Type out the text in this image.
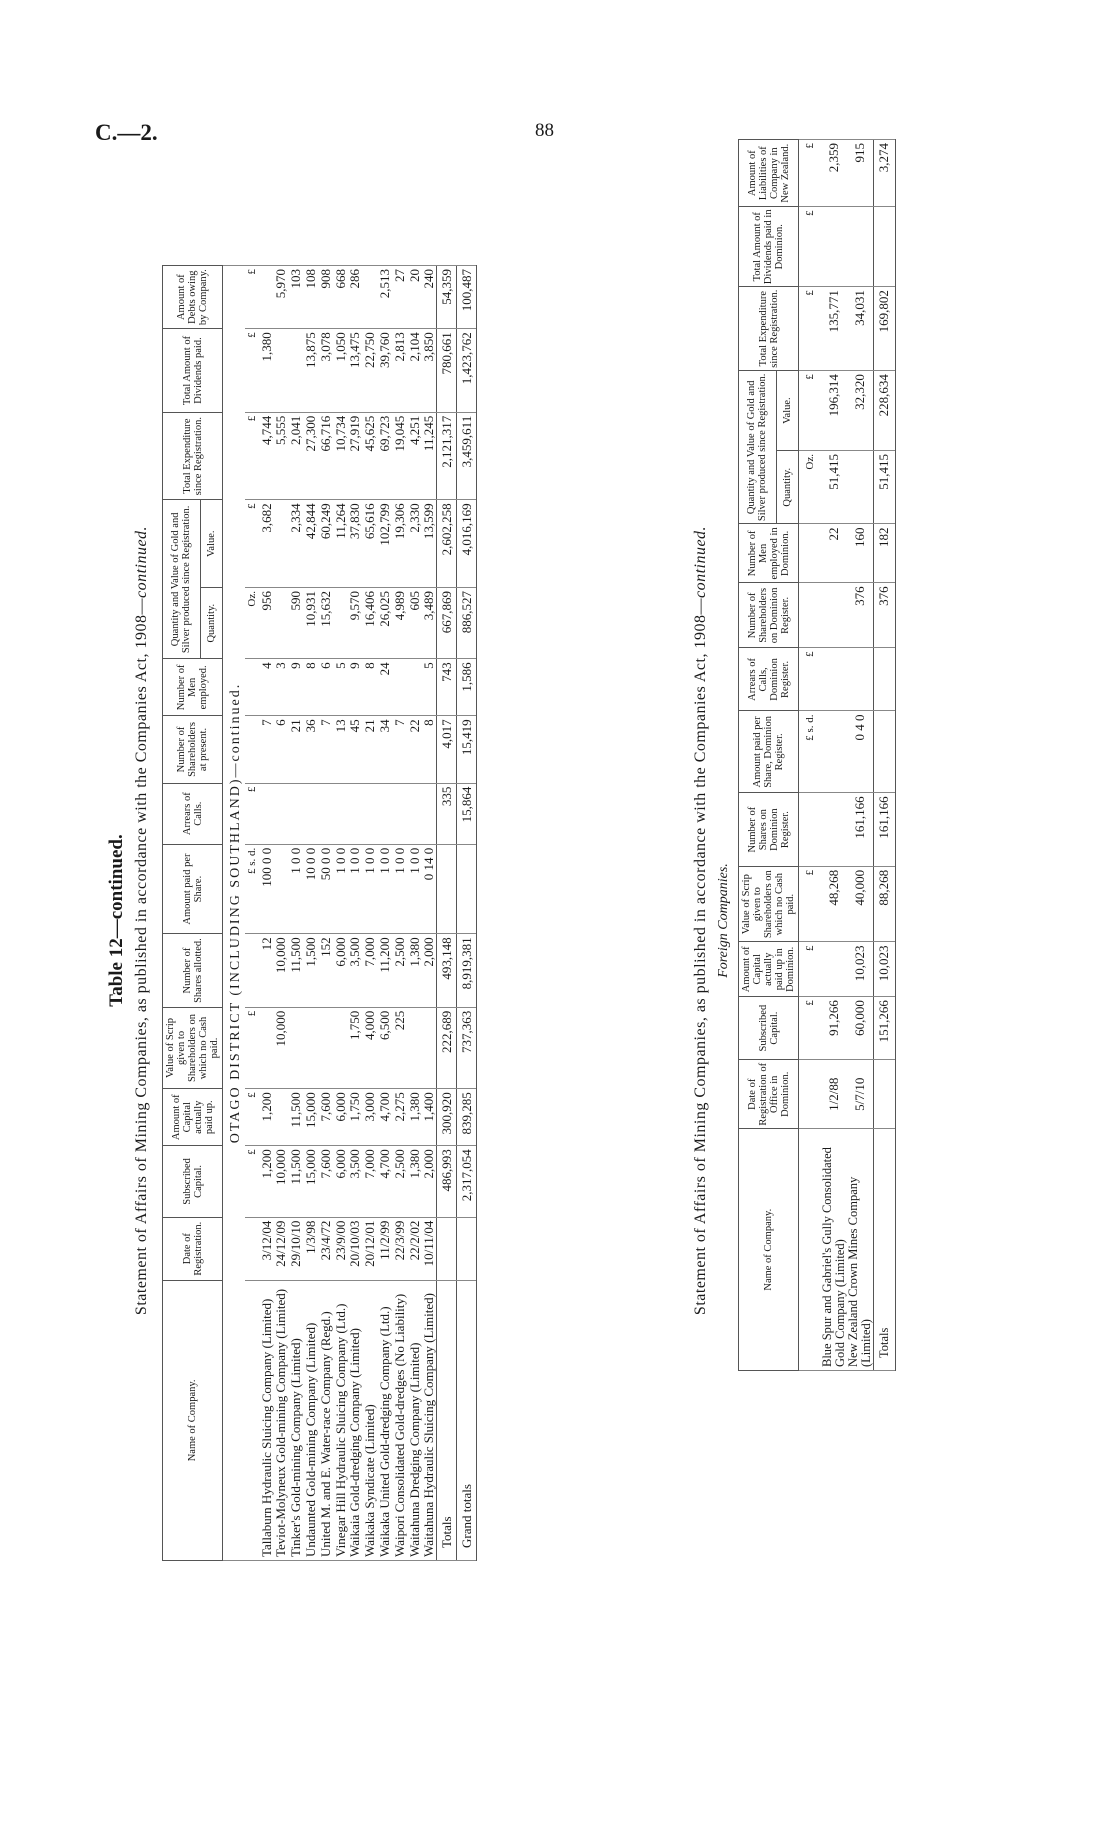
C.—2.	88
Table 12—continued. Statement of Affairs of Mining Companies, as published in accordance with the Companies Act, 1908—continued.
Name of Company.	Date of Registration.	Subscribed Capital.	Amount of Capital actually paid up.	Value of Scrip given to Shareholders on which no Cash paid.	Number of Shares allotted.	Amount paid per Share.	Arrears of Calls.	Number of Shareholders at present.	Number of Men employed.	Quantity and Value of Gold and Silver produced since Registration.		Total Expenditure since Registration.	Total Amount of Dividends paid.	Amount of Debts owing by Company.
										Quantity.	Value.			
OTAGO DISTRICT (INCLUDING SOUTHLAND)—continued.														
		£	£	£		£ s. d.	£			Oz.	£	£	£	£
Tallaburn Hydraulic Sluicing Company (Limited)	3/12/04	1,200	1,200		12	100 0 0		7	4	956	3,682	4,744	1,380	
Teviot-Molyneux Gold-mining Company (Limited)	24/12/09	10,000		10,000	10,000			6	3			5,555		5,970
Tinker's Gold-mining Company (Limited)	29/10/10	11,500	11,500		11,500	1 0 0		21	9	590	2,334	2,041		103
Undaunted Gold-mining Company (Limited)	1/3/98	15,000	15,000		1,500	10 0 0		36	8	10,931	42,844	27,300	13,875	108
United M. and E. Water-race Company (Regd.)	23/4/72	7,600	7,600		152	50 0 0		7	6	15,632	60,249	66,716	3,078	908
Vinegar Hill Hydraulic Sluicing Company (Ltd.)	23/9/00	6,000	6,000		6,000	1 0 0		13	5		11,264	10,734	1,050	668
Waikaia Gold-dredging Company (Limited)	20/10/03	3,500	1,750	1,750	3,500	1 0 0		45	9	9,570	37,830	27,919	13,475	286
Waikaka Syndicate (Limited)	20/12/01	7,000	3,000	4,000	7,000	1 0 0		21	8	16,406	65,616	45,625	22,750	
Waikaka United Gold-dredging Company (Ltd.)	11/2/99	4,700	4,700	6,500	11,200	1 0 0		34	24	26,025	102,799	69,723	39,760	2,513
Waipori Consolidated Gold-dredges (No Liability)	22/3/99	2,500	2,275	225	2,500	1 0 0		7		4,989	19,306	19,045	2,813	27
Waitahuna Dredging Company (Limited)	22/2/02	1,380	1,380		1,380	1 0 0		22		605	2,330	4,251	2,104	20
Waitahuna Hydraulic Sluicing Company (Limited)	10/11/04	2,000	1,400		2,000	0 14 0		8	5	3,489	13,599	11,245	3,850	240
Totals		486,993	300,920	222,689	493,148		335	4,017	743	667,869	2,602,258	2,121,317	780,661	54,359
Grand totals		2,317,054	839,285	737,363	8,919,381		15,864	15,419	1,586	886,527	4,016,169	3,459,611	1,423,762	100,487
Statement of Affairs of Mining Companies, as published in accordance with the Companies Act, 1908—continued.
Foreign Companies.
Name of Company.	Date of Registration of Office in Dominion.	Subscribed Capital.	Amount of Capital actually paid up in Dominion.	Value of Scrip given to Shareholders on which no Cash paid.	Number of Shares on Dominion Register.	Amount paid per Share, Dominion Register.	Arrears of Calls, Dominion Register.	Number of Shareholders on Dominion Register.	Number of Men employed in Dominion.	Quantity and Value of Gold and Silver produced since Registration.		Total Expenditure since Registration.	Total Amount of Dividends paid in Dominion.	Amount of Liabilities of Company in New Zealand.
										Quantity.	Value.			
		£	£	£		£ s. d.	£			Oz.	£	£	£	£
Blue Spur and Gabriel's Gully Consolidated Gold Company (Limited)	1/2/88	91,266		48,268					22	51,415	196,314	135,771		2,359
New Zealand Crown Mines Company (Limited)	5/7/10	60,000	10,023	40,000	161,166	0 4 0		376	160		32,320	34,031		915
Totals		151,266	10,023	88,268	161,166			376	182	51,415	228,634	169,802		3,274
